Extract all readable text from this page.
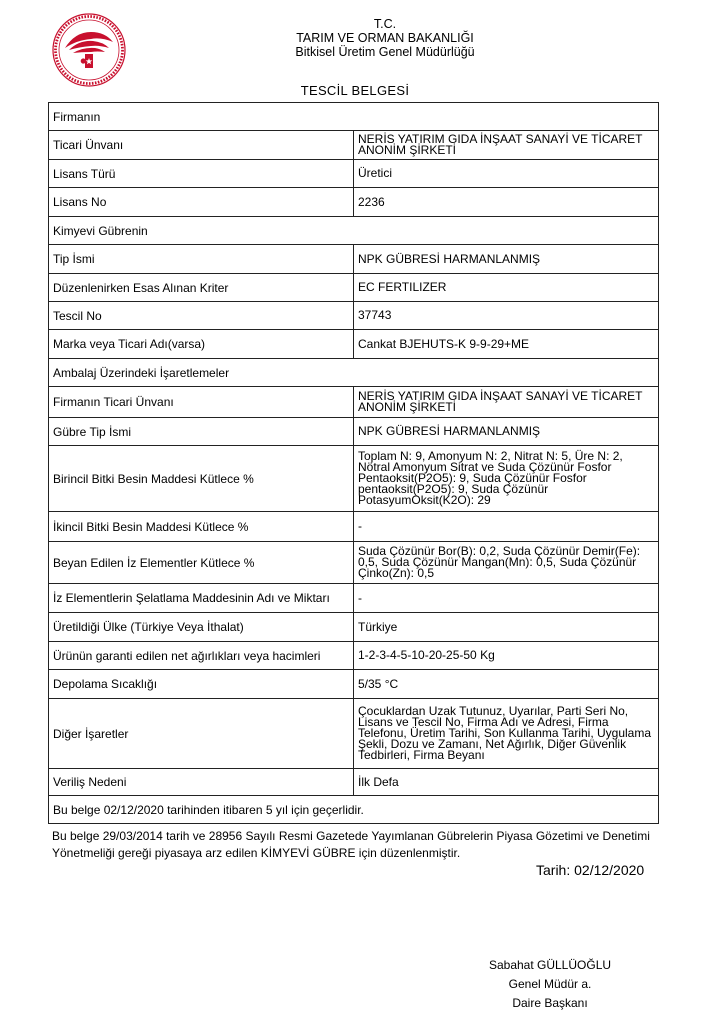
T.C.
TARIM VE ORMAN BAKANLIĞI
Bitkisel Üretim Genel Müdürlüğü
TESCİL BELGESİ
Firmanın	
Ticari Ünvanı	NERİS YATIRIM GIDA İNŞAAT SANAYİ VE TİCARET ANONİM ŞİRKETİ
Lisans Türü	Üretici
Lisans No	2236
Kimyevi Gübrenin	
Tip İsmi	NPK GÜBRESİ HARMANLANMIŞ
Düzenlenirken Esas Alınan Kriter	EC FERTILIZER
Tescil No	37743
Marka veya Ticari Adı(varsa)	Cankat BJEHUTS-K 9-9-29+ME
Ambalaj Üzerindeki İşaretlemeler	
Firmanın Ticari Ünvanı	NERİS YATIRIM GIDA İNŞAAT SANAYİ VE TİCARET ANONİM ŞİRKETİ
Gübre Tip İsmi	NPK GÜBRESİ HARMANLANMIŞ
Birincil Bitki Besin Maddesi Kütlece %	Toplam N: 9, Amonyum N: 2, Nitrat N: 5, Üre N: 2, Nötral Amonyum Sitrat ve Suda Çözünür Fosfor Pentaoksit(P2O5): 9, Suda Çözünür Fosfor pentaoksit(P2O5): 9, Suda Çözünür PotasyumOksit(K2O): 29
İkincil Bitki Besin Maddesi Kütlece %	-
Beyan Edilen İz Elementler Kütlece %	Suda Çözünür Bor(B): 0,2, Suda Çözünür Demir(Fe): 0,5, Suda Çözünür Mangan(Mn): 0,5, Suda Çözünür Çinko(Zn): 0,5
İz Elementlerin Şelatlama Maddesinin Adı ve Miktarı	-
Üretildiği Ülke (Türkiye Veya İthalat)	Türkiye
Ürünün garanti edilen net ağırlıkları veya hacimleri	1-2-3-4-5-10-20-25-50 Kg
Depolama Sıcaklığı	5/35 °C
Diğer İşaretler	Çocuklardan Uzak Tutunuz, Uyarılar, Parti Seri No, Lisans ve Tescil No, Firma Adı ve Adresi, Firma Telefonu, Üretim Tarihi, Son Kullanma Tarihi, Uygulama Şekli, Dozu ve Zamanı, Net Ağırlık, Diğer Güvenlik Tedbirleri, Firma Beyanı
Veriliş Nedeni	İlk Defa
Bu belge 02/12/2020 tarihinden itibaren 5 yıl için geçerlidir.	
Bu belge 29/03/2014 tarih ve 28956 Sayılı Resmi Gazetede Yayımlanan Gübrelerin Piyasa Gözetimi ve Denetimi Yönetmeliği gereği piyasaya arz edilen KİMYEVİ GÜBRE için düzenlenmiştir.
Tarih: 02/12/2020
Sabahat GÜLLÜOĞLU
Genel Müdür a.
Daire Başkanı
